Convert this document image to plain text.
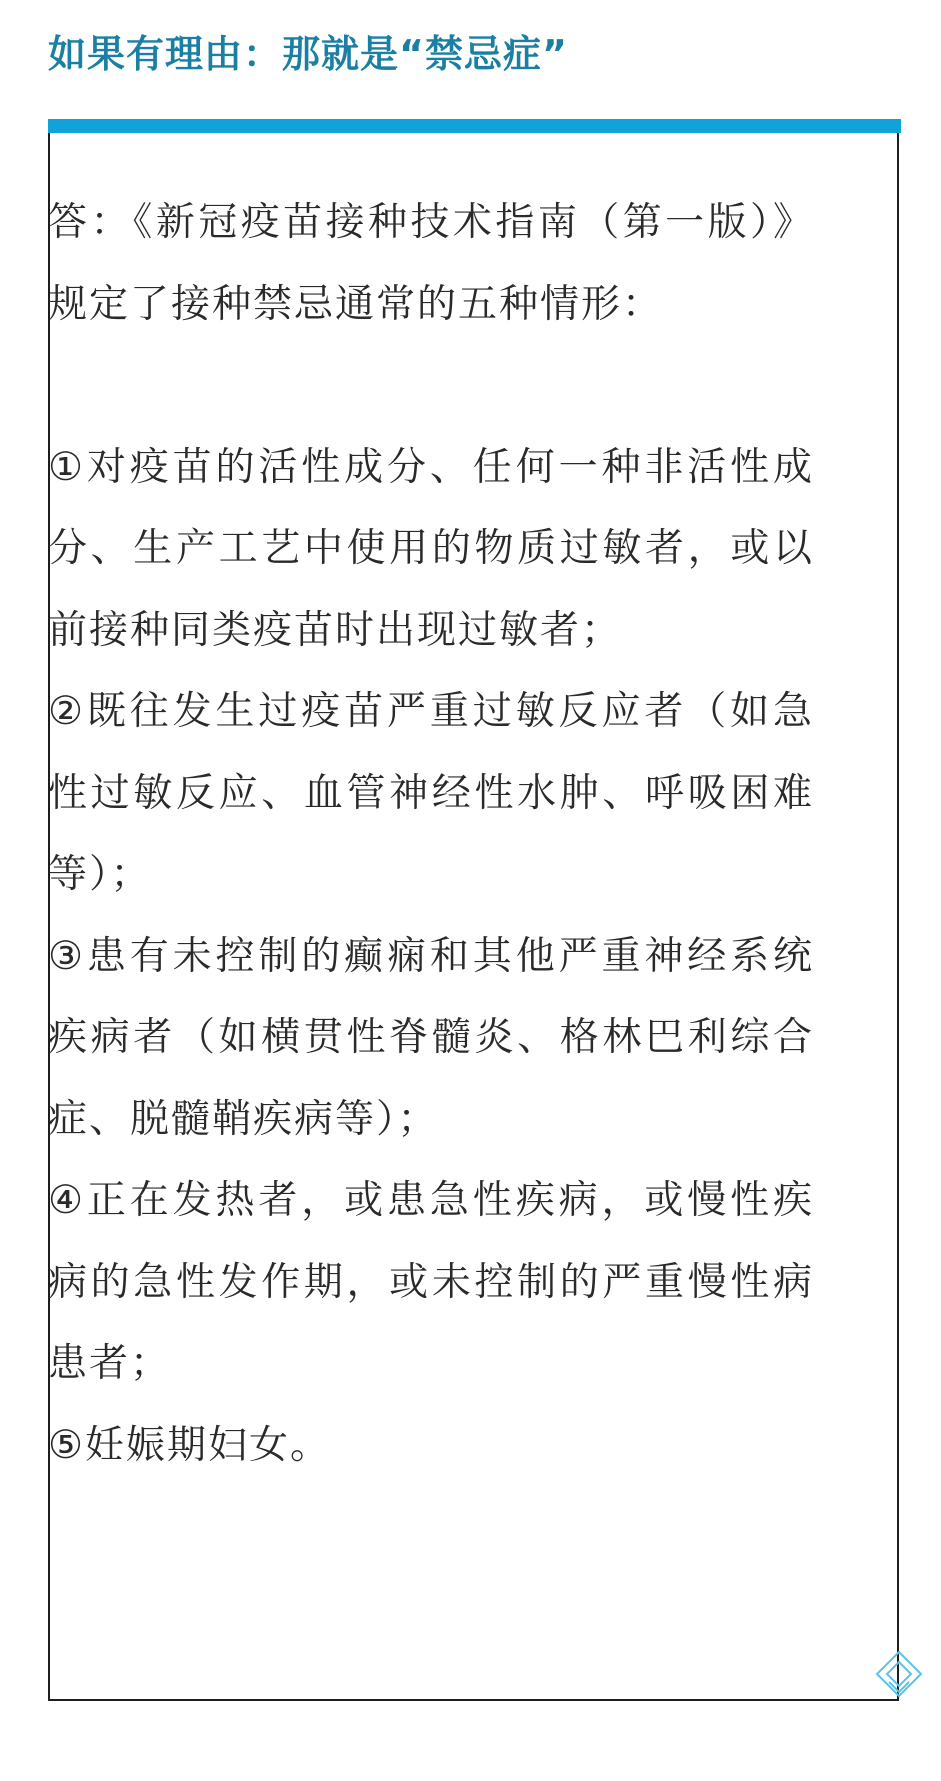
如果有理由：那就是“禁忌症”

答：《新冠疫苗接种技术指南（第一版）》规定了接种禁忌通常的五种情形：

①对疫苗的活性成分、任何一种非活性成分、生产工艺中使用的物质过敏者，或以前接种同类疫苗时出现过敏者；

②既往发生过疫苗严重过敏反应者（如急性过敏反应、血管神经性水肿、呼吸困难等）；

③患有未控制的癫痫和其他严重神经系统疾病者（如横贯性脊髓炎、格林巴利综合症、脱髓鞘疾病等）；

④正在发热者，或患急性疾病，或慢性疾病的急性发作期，或未控制的严重慢性病患者；

⑤妊娠期妇女。
